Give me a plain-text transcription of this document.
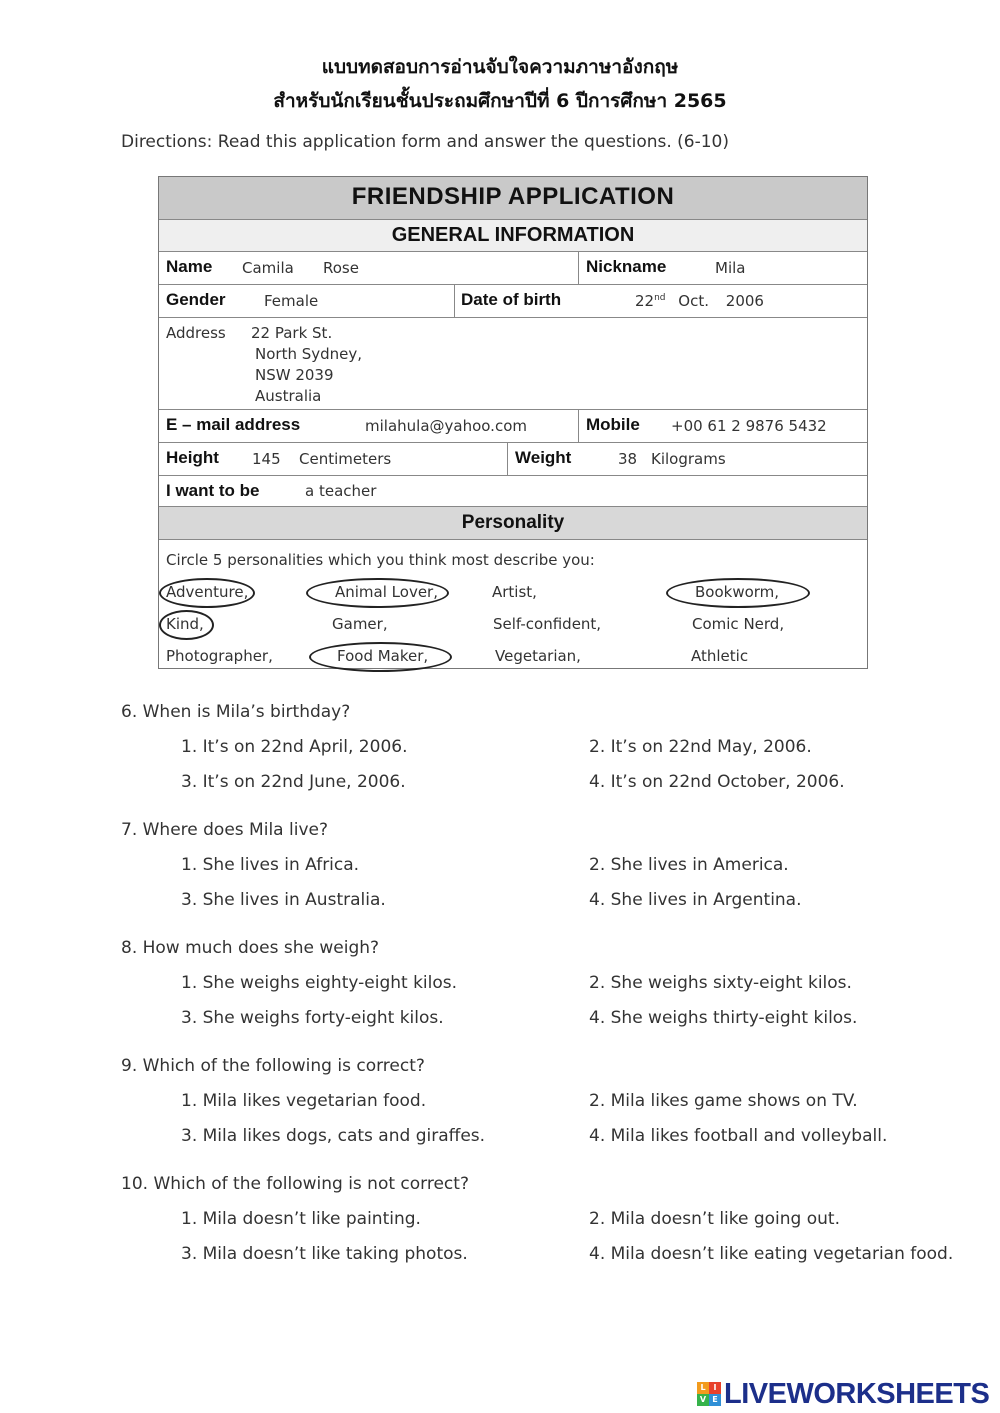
แบบทดสอบการอ่านจับใจความภาษาอังกฤษ
สำหรับนักเรียนชั้นประถมศึกษาปีที่ 6 ปีการศึกษา 2565
Directions: Read this application form and answer the questions. (6-10)
FRIENDSHIP APPLICATION
GENERAL INFORMATION
Name Camila Rose	Nickname	Mila
Gender	Female	Date of birth	22nd Oct. 2006
Address 22 Park St.
North Sydney,
NSW 2039
Australia
E – mail address	milahula@yahoo.com	Mobile +00 61 2 9876 5432
Height 145 Centimeters	Weight	38 Kilograms
I want to be	a teacher
Personality
Circle 5 personalities which you think most describe you:
Adventure,	Animal Lover,	Artist,	Bookworm,
Kind,	Gamer,	Self-confident,	Comic Nerd,
Photographer,	Food Maker,	Vegetarian,	Athletic
6. When is Mila’s birthday?
1. It’s on 22nd April, 2006.	2. It’s on 22nd May, 2006.
3. It’s on 22nd June, 2006.	4. It’s on 22nd October, 2006.
7. Where does Mila live?
1. She lives in Africa.	2. She lives in America.
3. She lives in Australia.	4. She lives in Argentina.
8. How much does she weigh?
1. She weighs eighty-eight kilos.	2. She weighs sixty-eight kilos.
3. She weighs forty-eight kilos.	4. She weighs thirty-eight kilos.
9. Which of the following is correct?
1. Mila likes vegetarian food.	2. Mila likes game shows on TV.
3. Mila likes dogs, cats and giraffes.	4. Mila likes football and volleyball.
10. Which of the following is not correct?
1. Mila doesn’t like painting.	2. Mila doesn’t like going out.
3. Mila doesn’t like taking photos.	4. Mila doesn’t like eating vegetarian food.
L I
V E LIVEWORKSHEETS
